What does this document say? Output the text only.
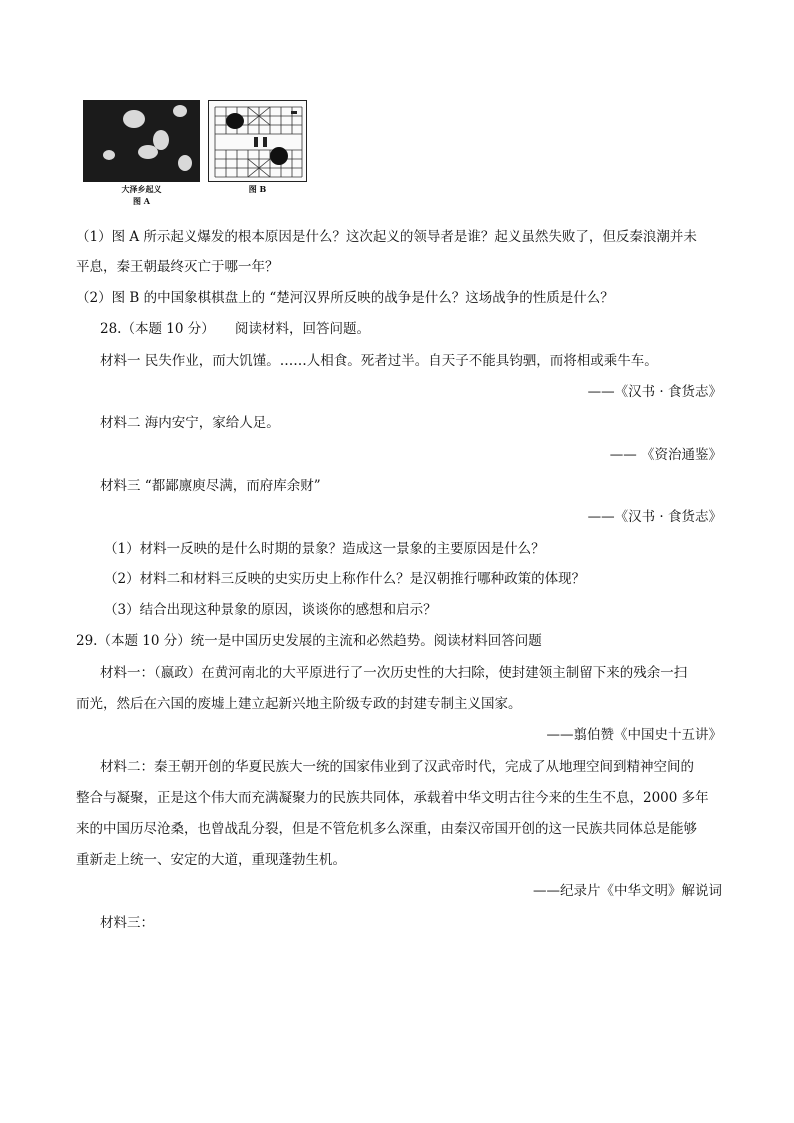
大泽乡起义
图 A
图 B
（1）图 A 所示起义爆发的根本原因是什么？这次起义的领导者是谁？起义虽然失败了，但反秦浪潮并未
平息，秦王朝最终灭亡于哪一年？
（2）图 B 的中国象棋棋盘上的 “楚河汉界所反映的战争是什么？这场战争的性质是什么？
28.（本题 10 分）　　阅读材料，回答问题。
材料一 民失作业，而大饥馑。……人相食。死者过半。自天子不能具钧驷，而将相或乘牛车。
——《汉书 · 食货志》
材料二 海内安宁，家给人足。
—— 《资治通鉴》
材料三 “都鄙廪庾尽满，而府库余财”
——《汉书 · 食货志》
（1）材料一反映的是什么时期的景象？造成这一景象的主要原因是什么？
（2）材料二和材料三反映的史实历史上称作什么？是汉朝推行哪种政策的体现？
（3）结合出现这种景象的原因，谈谈你的感想和启示？
29.（本题 10 分）统一是中国历史发展的主流和必然趋势。阅读材料回答问题
材料一：（嬴政）在黄河南北的大平原进行了一次历史性的大扫除，使封建领主制留下来的残余一扫
而光，然后在六国的废墟上建立起新兴地主阶级专政的封建专制主义国家。
——翦伯赞《中国史十五讲》
材料二：秦王朝开创的华夏民族大一统的国家伟业到了汉武帝时代，完成了从地理空间到精神空间的
整合与凝聚，正是这个伟大而充满凝聚力的民族共同体，承载着中华文明古往今来的生生不息，2000 多年
来的中国历尽沧桑，也曾战乱分裂，但是不管危机多么深重，由秦汉帝国开创的这一民族共同体总是能够
重新走上统一、安定的大道，重现蓬勃生机。
——纪录片《中华文明》解说词
材料三：
